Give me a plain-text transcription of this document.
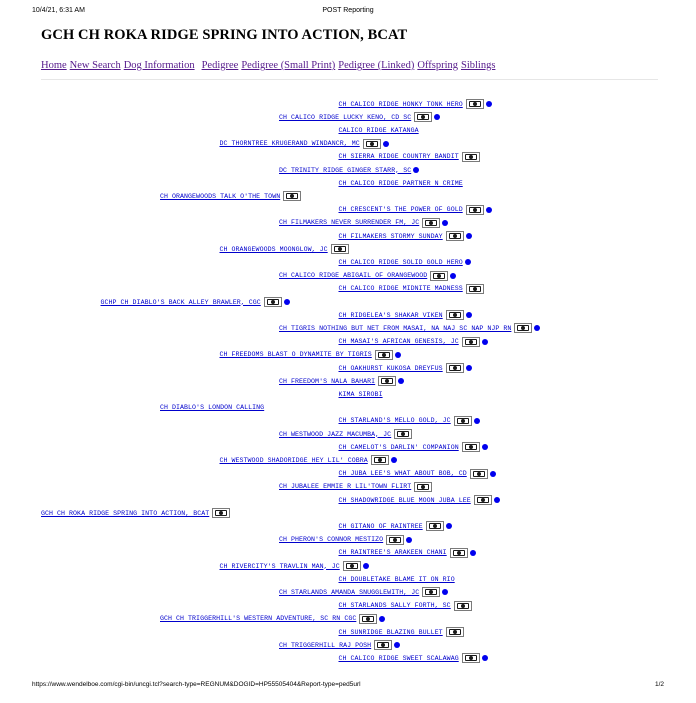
10/4/21, 6:31 AM	POST Reporting
GCH CH ROKA RIDGE SPRING INTO ACTION, BCAT
Home New Search Dog Information Pedigree Pedigree (Small Print) Pedigree (Linked) Offspring Siblings
CH CALICO RIDGE HONKY TONK HERO
CH CALICO RIDGE LUCKY KENO, CD SC
CALICO RIDGE KATANGA
DC THORNTREE KRUGERAND WINDANCR, MC
CH SIERRA RIDGE COUNTRY BANDIT
DC TRINITY RIDGE GINGER STARR, SC
CH CALICO RIDGE PARTNER N CRIME
CH ORANGEWOODS TALK O'THE TOWN
CH CRESCENT'S THE POWER OF GOLD
CH FILMAKERS NEVER SURRENDER FM, JC
CH FILMAKERS STORMY SUNDAY
CH ORANGEWOODS MOONGLOW, JC
CH CALICO RIDGE SOLID GOLD HERO
CH CALICO RIDGE ABIGAIL OF ORANGEWOOD
CH CALICO RIDGE MIDNITE MADNESS
GCHP CH DIABLO'S BACK ALLEY BRAWLER, CGC
CH RIDGELEA'S SHAKAR VIKEN
CH TIGRIS NOTHING BUT NET FROM MASAI, NA NAJ SC NAP NJP RN
CH MASAI'S AFRICAN GENESIS, JC
CH FREEDOMS BLAST O DYNAMITE BY TIGRIS
CH OAKHURST KUKOSA DREYFUS
CH FREEDOM'S NALA BAHARI
KIMA SIROBI
CH DIABLO'S LONDON CALLING
CH STARLAND'S MELLO GOLD, JC
CH WESTWOOD JAZZ MACUMBA, JC
CH CAMELOT'S DARLIN' COMPANION
CH WESTWOOD SHADORIDGE HEY LIL' COBRA
CH JUBA LEE'S WHAT ABOUT BOB, CD
CH JUBALEE EMMIE R LIL'TOWN FLIRT
CH SHADOWRIDGE BLUE MOON JUBA LEE
GCH CH ROKA RIDGE SPRING INTO ACTION, BCAT
CH GITANO OF RAINTREE
CH PHERON'S CONNOR MESTIZO
CH RAINTREE'S ARAKEEN CHANI
CH RIVERCITY'S TRAVLIN MAN, JC
CH DOUBLETAKE BLAME IT ON RIO
CH STARLANDS AMANDA SNUGGLEWITH, JC
CH STARLANDS SALLY FORTH, SC
GCH CH TRIGGERHILL'S WESTERN ADVENTURE, SC RN CGC
CH SUNRIDGE BLAZING BULLET
CH TRIGGERHILL RAJ POSH
CH CALICO RIDGE SWEET SCALAWAG
https://www.wendelboe.com/cgi-bin/uncgi.tcl?search-type=REGNUM&DOGID=HP55505404&Report-type=ped5url	1/2
